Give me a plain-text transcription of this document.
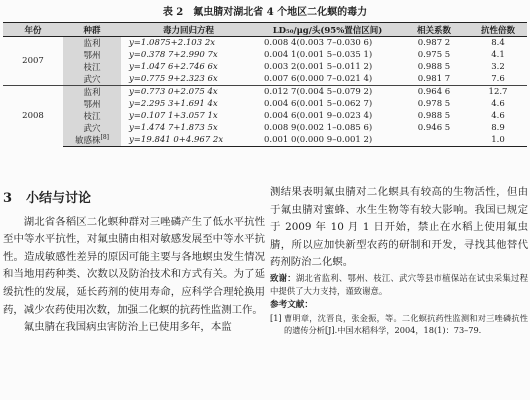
表 2 氟虫腈对湖北省 4 个地区二化螟的毒力
年份	种群	毒力回归方程	LD₅₀/μg/头(95%置信区间)	相关系数	抗性倍数
2007	监利	y=1.0875+2.103 2x	0.008 4(0.003 7–0.030 6)	0.987 2	8.4
	鄂州	y=0.378 7+2.990 7x	0.004 1(0.001 5–0.035 1)	0.975 5	4.1
	枝江	y=1.047 6+2.746 6x	0.003 2(0.001 5–0.011 2)	0.988 5	3.2
	武穴	y=0.775 9+2.323 6x	0.007 6(0.000 7–0.021 4)	0.981 7	7.6
2008	监利	y=0.773 0+2.075 4x	0.012 7(0.004 5–0.079 2)	0.964 6	12.7
	鄂州	y=2.295 3+1.691 4x	0.004 6(0.001 5–0.062 7)	0.978 5	4.6
	枝江	y=0.107 1+3.057 1x	0.004 6(0.001 9–0.023 4)	0.988 5	4.6
	武穴	y=1.474 7+1.873 5x	0.008 9(0.002 1–0.085 6)	0.946 5	8.9
	敏感株[8]	y=19.841 0+4.967 2x	0.001 0(0.000 9–0.001 2)		1.0
3 小结与讨论

湖北省各稻区二化螟种群对三唑磷产生了低水平抗性至中等水平抗性，对氟虫腈由相对敏感发展至中等水平抗性。造成敏感性差异的原因可能主要与各地螟虫发生情况和当地用药种类、次数以及防治技术和方式有关。为了延缓抗性的发展，延长药剂的使用寿命，应科学合理轮换用药，减少农药使用次数，加强二化螟的抗药性监测工作。

氟虫腈在我国病虫害防治上已使用多年，本监

测结果表明氟虫腈对二化螟具有较高的生物活性，但由于氟虫腈对蜜蜂、水生生物等有较大影响。我国已规定于 2009 年 10 月 1 日开始，禁止在水稻上使用氟虫腈，所以应加快新型农药的研制和开发，寻找其他替代药剂防治二化螟。

致谢：湖北省监利、鄂州、枝江、武穴等县市植保站在试虫采集过程中提供了大力支持，谨致谢意。

参考文献：

[1] 曹明章，沈晋良，张金振，等。二化螟抗药性监测和对三唑磷抗性的遗传分析[J].中国水稻科学，2004，18(1)：73–79.
